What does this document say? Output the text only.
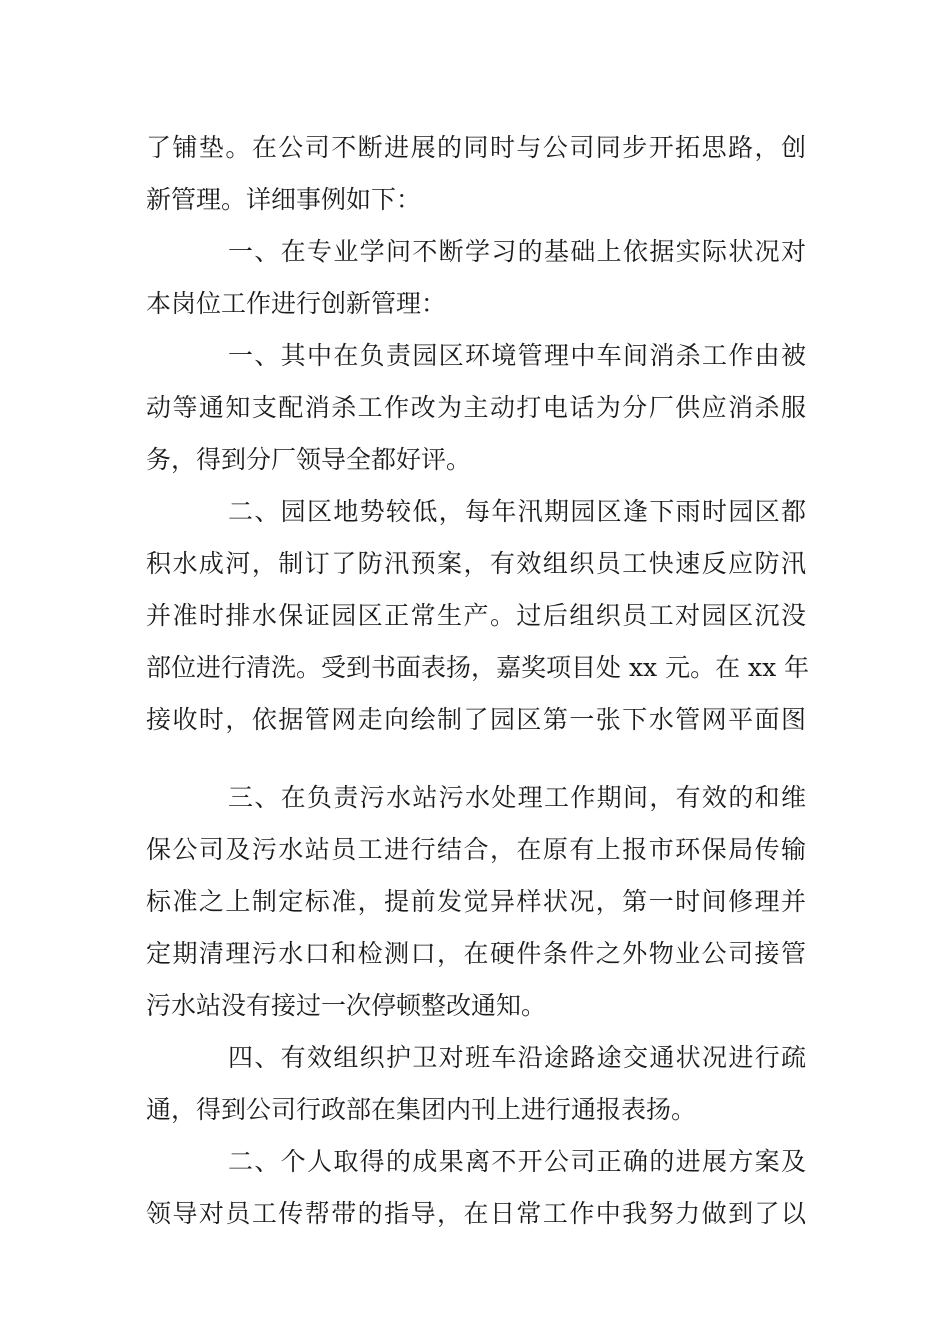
了铺垫。在公司不断进展的同时与公司同步开拓思路，创
新管理。详细事例如下：
一、在专业学问不断学习的基础上依据实际状况对
本岗位工作进行创新管理：
一、其中在负责园区环境管理中车间消杀工作由被
动等通知支配消杀工作改为主动打电话为分厂供应消杀服
务，得到分厂领导全都好评。
二、园区地势较低，每年汛期园区逢下雨时园区都
积水成河，制订了防汛预案，有效组织员工快速反应防汛
并准时排水保证园区正常生产。过后组织员工对园区沉没
部位进行清洗。受到书面表扬，嘉奖项目处 xx 元。在 xx 年
接收时，依据管网走向绘制了园区第一张下水管网平面图
三、在负责污水站污水处理工作期间，有效的和维
保公司及污水站员工进行结合，在原有上报市环保局传输
标准之上制定标准，提前发觉异样状况，第一时间修理并
定期清理污水口和检测口，在硬件条件之外物业公司接管
污水站没有接过一次停顿整改通知。
四、有效组织护卫对班车沿途路途交通状况进行疏
通，得到公司行政部在集团内刊上进行通报表扬。
二、个人取得的成果离不开公司正确的进展方案及
领导对员工传帮带的指导，在日常工作中我努力做到了以
